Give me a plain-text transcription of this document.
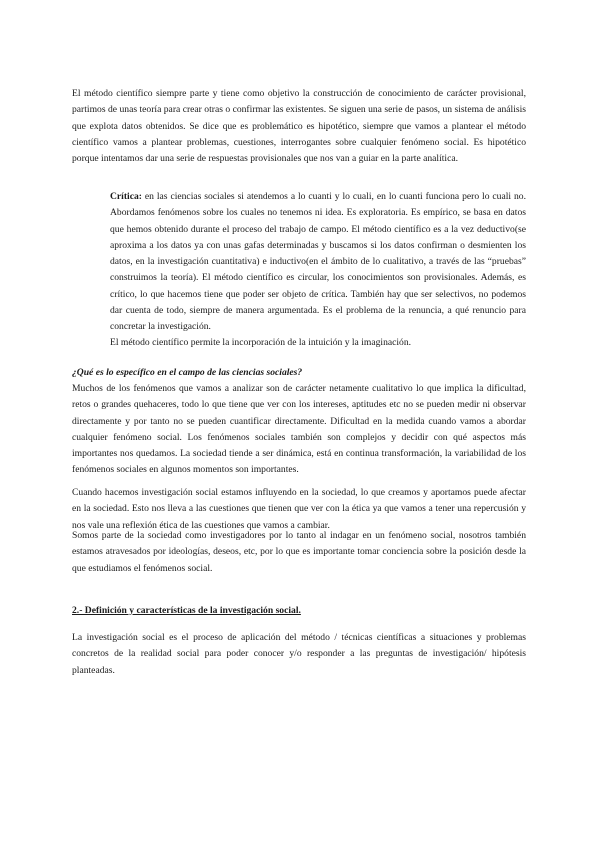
El método científico siempre parte y tiene como objetivo la construcción de conocimiento de carácter provisional, partimos de unas teoría para crear otras o confirmar las existentes. Se siguen una serie de pasos, un sistema de análisis que explota datos obtenidos. Se dice que es problemático es hipotético, siempre que vamos a plantear el método científico vamos a plantear problemas, cuestiones, interrogantes sobre cualquier fenómeno social. Es hipotético porque intentamos dar una serie de respuestas provisionales que nos van a guiar en la parte analítica.

Crítica: en las ciencias sociales si atendemos a lo cuanti y lo cuali, en lo cuanti funciona pero lo cuali no. Abordamos fenómenos sobre los cuales no tenemos ni idea. Es exploratoria. Es empírico, se basa en datos que hemos obtenido durante el proceso del trabajo de campo. El método científico es a la vez deductivo(se aproxima a los datos ya con unas gafas determinadas y buscamos si los datos confirman o desmienten los datos, en la investigación cuantitativa) e inductivo(en el ámbito de lo cualitativo, a través de las “pruebas” construimos la teoría). El método científico es circular, los conocimientos son provisionales. Además, es crítico, lo que hacemos tiene que poder ser objeto de crítica. También hay que ser selectivos, no podemos dar cuenta de todo, siempre de manera argumentada. Es el problema de la renuncia, a qué renuncio para concretar la investigación.

El método científico permite la incorporación de la intuición y la imaginación.

¿Qué es lo específico en el campo de las ciencias sociales?

Muchos de los fenómenos que vamos a analizar son de carácter netamente cualitativo lo que implica la dificultad, retos o grandes quehaceres, todo lo que tiene que ver con los intereses, aptitudes etc no se pueden medir ni observar directamente y por tanto no se pueden cuantificar directamente. Dificultad en la medida cuando vamos a abordar cualquier fenómeno social. Los fenómenos sociales también son complejos y decidir con qué aspectos más importantes nos quedamos. La sociedad tiende a ser dinámica, está en continua transformación, la variabilidad de los fenómenos sociales en algunos momentos son importantes.

Cuando hacemos investigación social estamos influyendo en la sociedad, lo que creamos y aportamos puede afectar en la sociedad. Esto nos lleva a las cuestiones que tienen que ver con la ética ya que vamos a tener una repercusión y nos vale una reflexión ética de las cuestiones que vamos a cambiar.

Somos parte de la sociedad como investigadores por lo tanto al indagar en un fenómeno social, nosotros también estamos atravesados por ideologías, deseos, etc, por lo que es importante tomar conciencia sobre la posición desde la que estudiamos el fenómenos social.

2.- Definición y características de la investigación social.

La investigación social es el proceso de aplicación del método / técnicas científicas a situaciones y problemas concretos de la realidad social para poder conocer y/o responder a las preguntas de investigación/ hipótesis planteadas.
